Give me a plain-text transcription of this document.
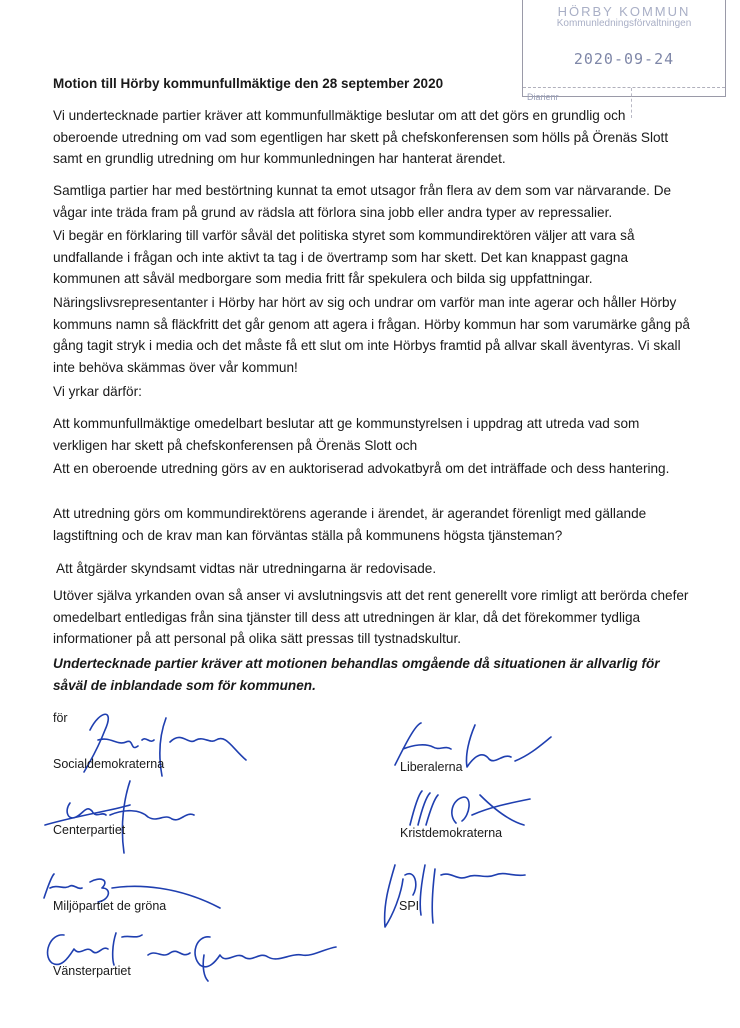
HÖRBY KOMMUN
Kommunledningsförvaltningen
2020-09-24
Diarienr
Motion till Hörby kommunfullmäktige den 28 september 2020
Vi undertecknade partier kräver att kommunfullmäktige beslutar om att det görs en grundlig och oberoende utredning om vad som egentligen har skett på chefskonferensen som hölls på Örenäs Slott samt en grundlig utredning om hur kommunledningen har hanterat ärendet.
Samtliga partier har med bestörtning kunnat ta emot utsagor från flera av dem som var närvarande. De vågar inte träda fram på grund av rädsla att förlora sina jobb eller andra typer av repressalier.
Vi begär en förklaring till varför såväl det politiska styret som kommundirektören väljer att vara så undfallande i frågan och inte aktivt ta tag i de övertramp som har skett. Det kan knappast gagna kommunen att såväl medborgare som media fritt får spekulera och bilda sig uppfattningar.
Näringslivsrepresentanter i Hörby har hört av sig och undrar om varför man inte agerar och håller Hörby kommuns namn så fläckfritt det går genom att agera i frågan. Hörby kommun har som varumärke gång på gång tagit stryk i media och det måste få ett slut om inte Hörbys framtid på allvar skall äventyras. Vi skall inte behöva skämmas över vår kommun!
Vi yrkar därför:
Att kommunfullmäktige omedelbart beslutar att ge kommunstyrelsen i uppdrag att utreda vad som verkligen har skett på chefskonferensen på Örenäs Slott och
Att en oberoende utredning görs av en auktoriserad advokatbyrå om det inträffade och dess hantering.
Att utredning görs om kommundirektörens agerande i ärendet, är agerandet förenligt med gällande lagstiftning och de krav man kan förväntas ställa på kommunens högsta tjänsteman?
Att åtgärder skyndsamt vidtas när utredningarna är redovisade.
Utöver själva yrkanden ovan så anser vi avslutningsvis att det rent generellt vore rimligt att berörda chefer omedelbart entledigas från sina tjänster till dess att utredningen är klar, då det förekommer tydliga informationer på att personal på olika sätt pressas till tystnadskultur.
Undertecknade partier kräver att motionen behandlas omgående då situationen är allvarlig för såväl de inblandade som för kommunen.
för
Socialdemokraterna	Liberalerna
Centerpartiet	Kristdemokraterna
Miljöpartiet de gröna	SPI
Vänsterpartiet
